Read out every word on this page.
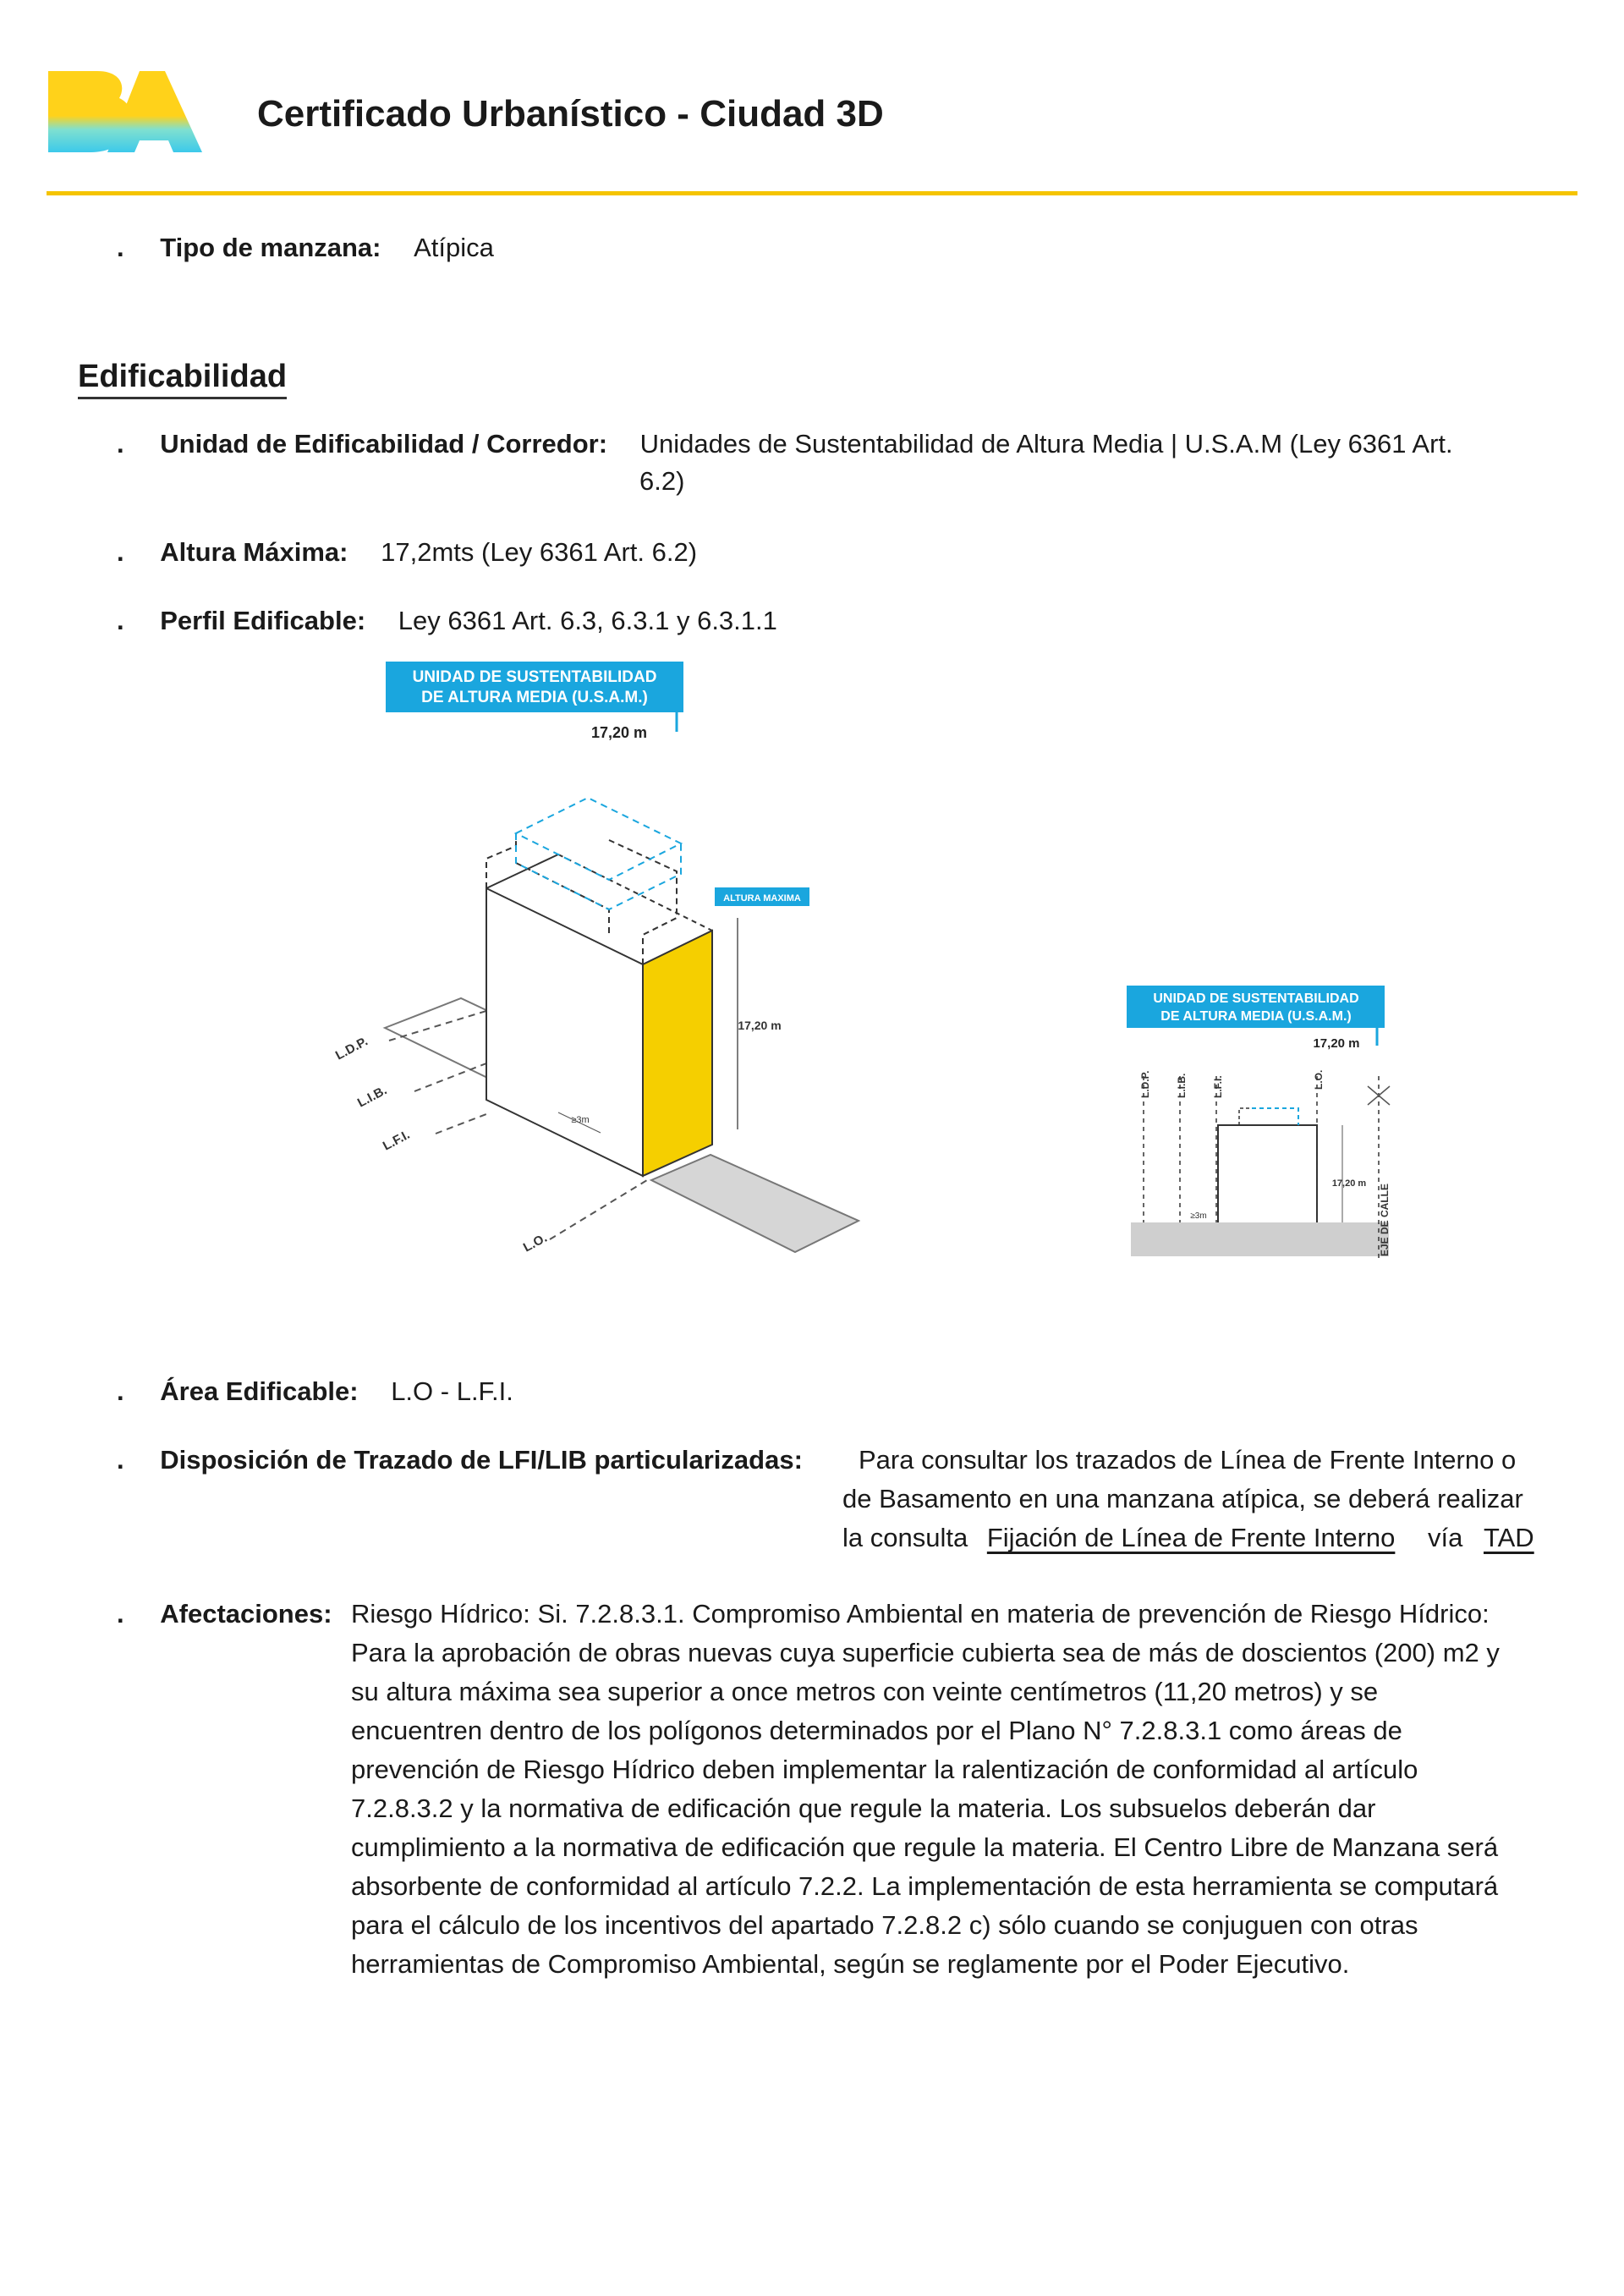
Certificado Urbanístico - Ciudad 3D
. Tipo de manzana: Atípica
Edificabilidad
. Unidad de Edificabilidad / Corredor: Unidades de Sustentabilidad de Altura Media | U.S.A.M (Ley 6361 Art.
6.2)
. Altura Máxima: 17,2mts (Ley 6361 Art. 6.2)
. Perfil Edificable: Ley 6361 Art. 6.3, 6.3.1 y 6.3.1.1
UNIDAD DE SUSTENTABILIDAD
DE ALTURA MEDIA (U.S.A.M.)
17,20 m
ALTURA MAXIMA
17,20 m
≥3m
L.D.P.
L.I.B.
L.F.I.
L.O.
UNIDAD DE SUSTENTABILIDAD
DE ALTURA MEDIA (U.S.A.M.)
17,20 m
L.D.P. L.I.B. L.F.I.	L.O.
EJE DE CALLE
17,20 m
≥3m
. Área Edificable: L.O - L.F.I.
. Disposición de Trazado de LFI/LIB particularizadas: Para consultar los trazados de Línea de Frente Interno o
de Basamento en una manzana atípica, se deberá realizar
la consulta Fijación de Línea de Frente Interno vía TAD
. Afectaciones: Riesgo Hídrico: Si. 7.2.8.3.1. Compromiso Ambiental en materia de prevención de Riesgo Hídrico:
Para la aprobación de obras nuevas cuya superficie cubierta sea de más de doscientos (200) m2 y
su altura máxima sea superior a once metros con veinte centímetros (11,20 metros) y se
encuentren dentro de los polígonos determinados por el Plano N° 7.2.8.3.1 como áreas de
prevención de Riesgo Hídrico deben implementar la ralentización de conformidad al artículo
7.2.8.3.2 y la normativa de edificación que regule la materia. Los subsuelos deberán dar
cumplimiento a la normativa de edificación que regule la materia. El Centro Libre de Manzana será
absorbente de conformidad al artículo 7.2.2. La implementación de esta herramienta se computará
para el cálculo de los incentivos del apartado 7.2.8.2 c) sólo cuando se conjuguen con otras
herramientas de Compromiso Ambiental, según se reglamente por el Poder Ejecutivo.
